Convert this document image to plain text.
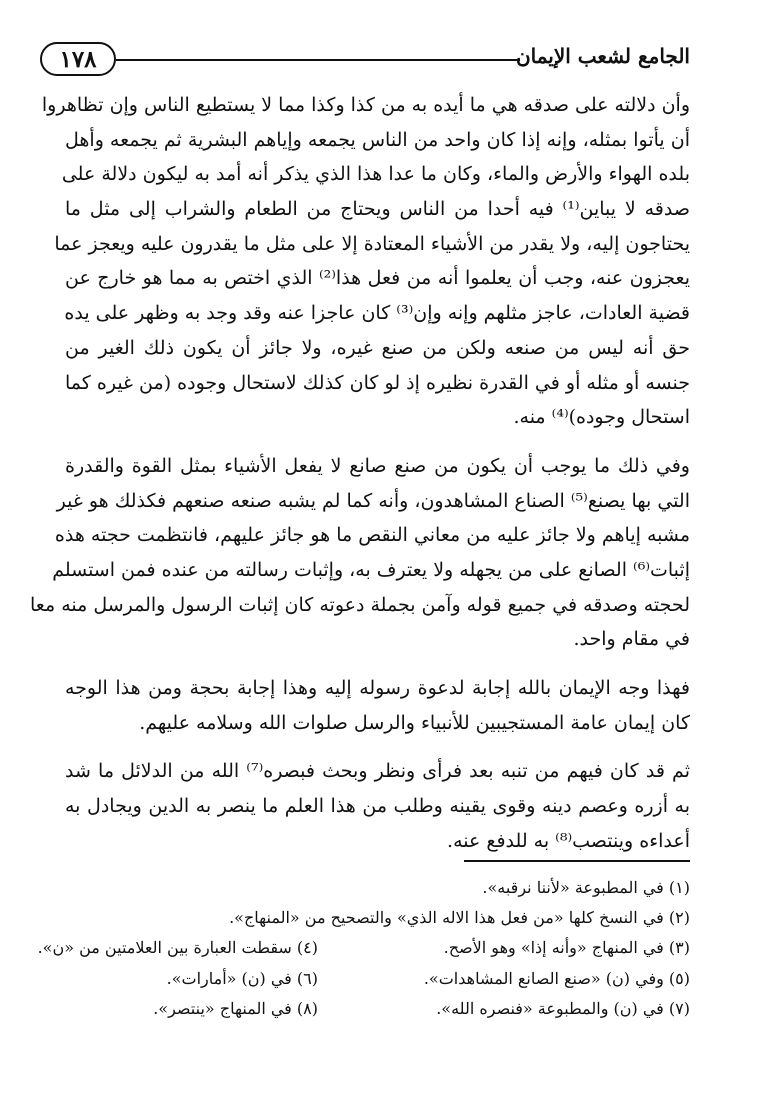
١٧٨	الجامع لشعب الإيمان
وأن دلالته على صدقه هي ما أيده به من كذا وكذا مما لا يستطيع الناس وإن تظاهروا
أن يأتوا بمثله، وإنه إذا كان واحد من الناس يجمعه وإياهم البشرية ثم يجمعه وأهل
بلده الهواء والأرض والماء، وكان ما عدا هذا الذي يذكر أنه أمد به ليكون دلالة على
صدقه لا يباين⁽¹⁾ فيه أحدا من الناس ويحتاج من الطعام والشراب إلى مثل ما
يحتاجون إليه، ولا يقدر من الأشياء المعتادة إلا على مثل ما يقدرون عليه ويعجز عما
يعجزون عنه، وجب أن يعلموا أنه من فعل هذا⁽²⁾ الذي اختص به مما هو خارج عن
قضية العادات، عاجز مثلهم وإنه وإن⁽³⁾ كان عاجزا عنه وقد وجد به وظهر على يده
حق أنه ليس من صنعه ولكن من صنع غيره، ولا جائز أن يكون ذلك الغير من
جنسه أو مثله أو في القدرة نظيره إذ لو كان كذلك لاستحال وجوده (من غيره كما
استحال وجوده)⁽⁴⁾ منه.
وفي ذلك ما يوجب أن يكون من صنع صانع لا يفعل الأشياء بمثل القوة والقدرة
التي بها يصنع⁽⁵⁾ الصناع المشاهدون، وأنه كما لم يشبه صنعه صنعهم فكذلك هو غير
مشبه إياهم ولا جائز عليه من معاني النقص ما هو جائز عليهم، فانتظمت حجته هذه
إثبات⁽⁶⁾ الصانع على من يجهله ولا يعترف به، وإثبات رسالته من عنده فمن استسلم
لحجته وصدقه في جميع قوله وآمن بجملة دعوته كان إثبات الرسول والمرسل منه معا
في مقام واحد.
فهذا وجه الإيمان بالله إجابة لدعوة رسوله إليه وهذا إجابة بحجة ومن هذا الوجه
كان إيمان عامة المستجيبين للأنبياء والرسل صلوات الله وسلامه عليهم.
ثم قد كان فيهم من تنبه بعد فرأى ونظر وبحث فبصره⁽⁷⁾ الله من الدلائل ما شد
به أزره وعصم دينه وقوى يقينه وطلب من هذا العلم ما ينصر به الدين ويجادل به
أعداءه وينتصب⁽⁸⁾ به للدفع عنه.
(١) في المطبوعة «لأننا نرقبه».
(٢) في النسخ كلها «من فعل هذا الاله الذي» والتصحيح من «المنهاج».
(٣) في المنهاج «وأنه إذا» وهو الأصح.
(٤) سقطت العبارة بين العلامتين من «ن».
(٥) وفي (ن) «صنع الصانع المشاهدات».
(٦) في (ن) «أمارات».
(٧) في (ن) والمطبوعة «فنصره الله».
(٨) في المنهاج «ينتصر».
